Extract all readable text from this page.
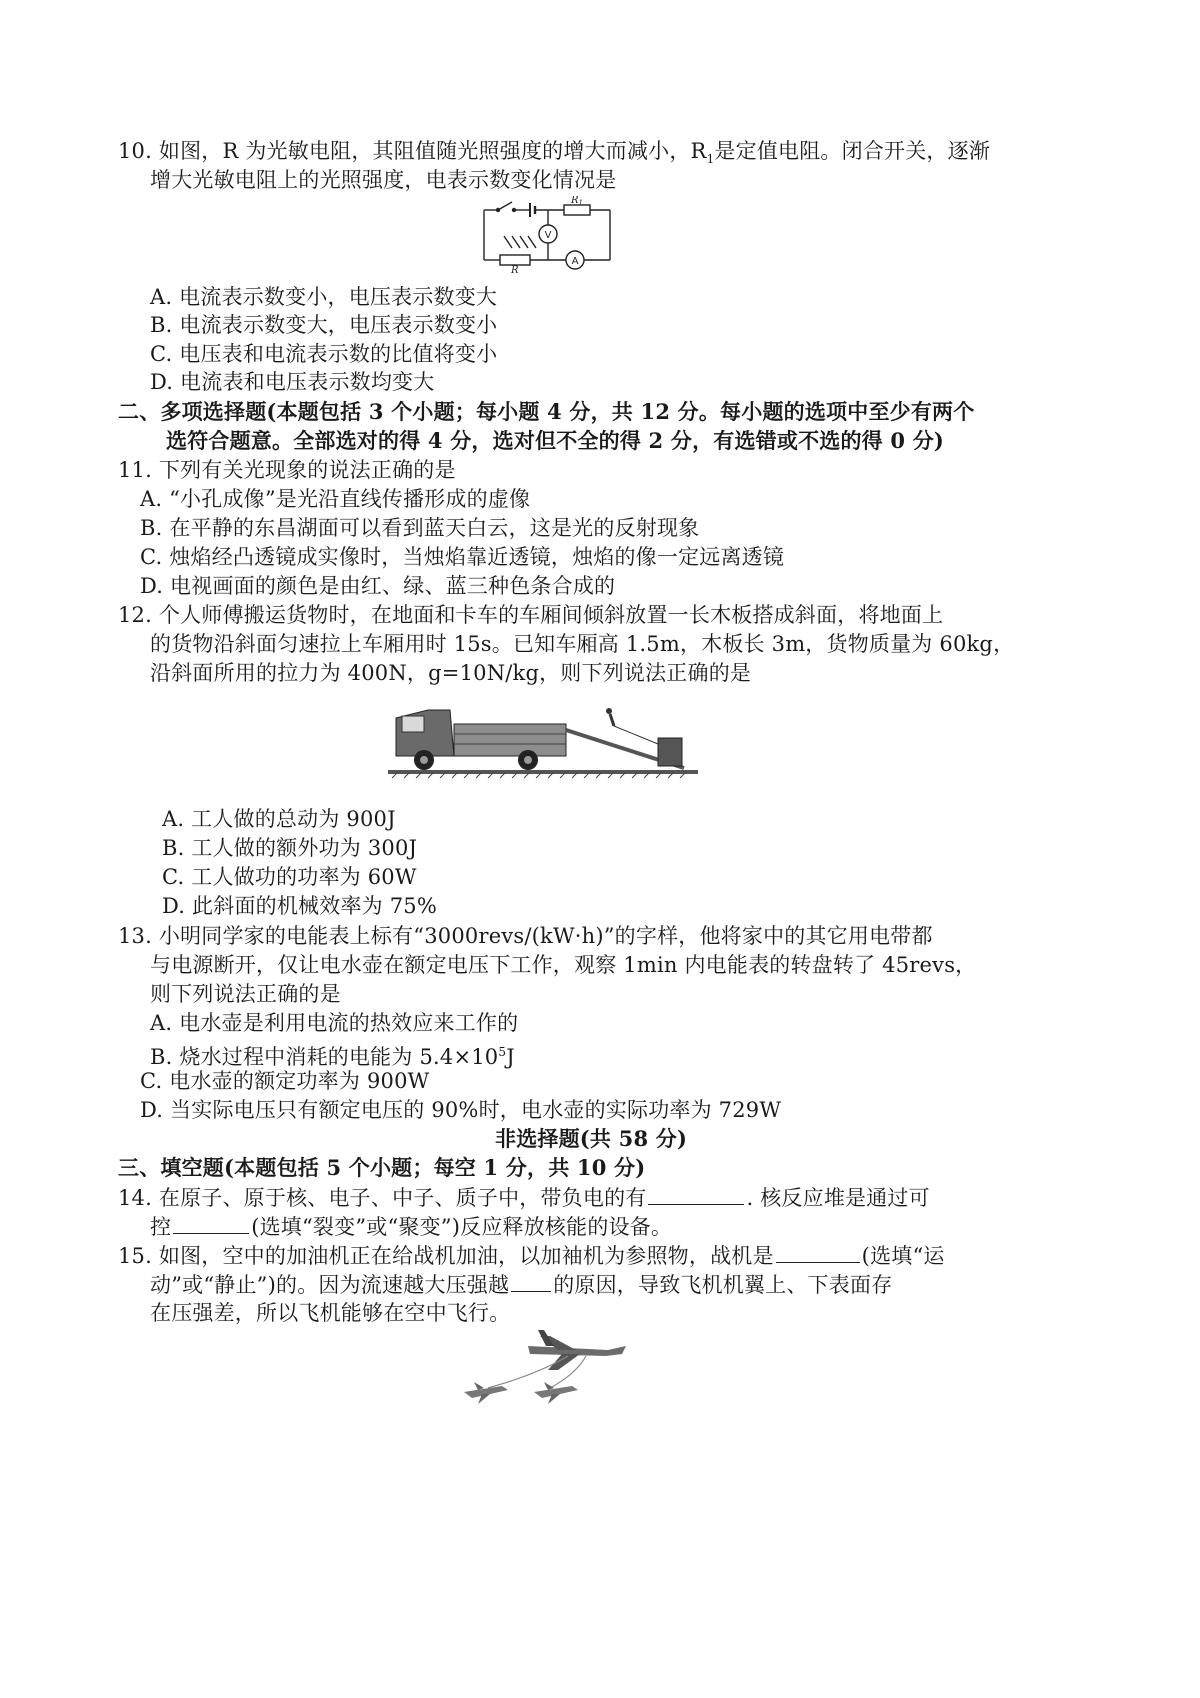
10. 如图，R 为光敏电阻，其阻值随光照强度的增大而减小，$R_1$是定值电阻。闭合开关，逐渐
增大光敏电阻上的光照强度，电表示数变化情况是
$R_1$
R
V
A
A. 电流表示数变小，电压表示数变大
B. 电流表示数变大，电压表示数变小
C. 电压表和电流表示数的比值将变小
D. 电流表和电压表示数均变大
二、多项选择题(本题包括 3 个小题；每小题 4 分，共 12 分。每小题的选项中至少有两个
选符合题意。全部选对的得 4 分，选对但不全的得 2 分，有选错或不选的得 0 分)
11. 下列有关光现象的说法正确的是
A. “小孔成像”是光沿直线传播形成的虚像
B. 在平静的东昌湖面可以看到蓝天白云，这是光的反射现象
C. 烛焰经凸透镜成实像时，当烛焰靠近透镜，烛焰的像一定远离透镜
D. 电视画面的颜色是由红、绿、蓝三种色条合成的
12. 个人师傅搬运货物时，在地面和卡车的车厢间倾斜放置一长木板搭成斜面，将地面上
的货物沿斜面匀速拉上车厢用时 15s。已知车厢高 1.5m，木板长 3m，货物质量为 60kg，
沿斜面所用的拉力为 400N，g=10N/kg，则下列说法正确的是
A. 工人做的总动为 900J
B. 工人做的额外功为 300J
C. 工人做功的功率为 60W
D. 此斜面的机械效率为 75%
13. 小明同学家的电能表上标有“3000revs/(kW·h)”的字样，他将家中的其它用电带都
与电源断开，仅让电水壶在额定电压下工作，观察 1min 内电能表的转盘转了 45revs，
则下列说法正确的是
A. 电水壶是利用电流的热效应来工作的
B. 烧水过程中消耗的电能为 $5.4\times 10^5J$
C. 电水壶的额定功率为 900W
D. 当实际电压只有额定电压的 90%时，电水壶的实际功率为 729W
非选择题(共 58 分)
三、填空题(本题包括 5 个小题；每空 1 分，共 10 分)
14. 在原子、原于核、电子、中子、质子中，带负电的有	. 核反应堆是通过可
控	(选填“裂变”或“聚变”)反应释放核能的设备。
15. 如图，空中的加油机正在给战机加油，以加袖机为参照物，战机是	(选填“运
动”或“静止”)的。因为流速越大压强越 的原因，导致飞机机翼上、下表面存
在压强差，所以飞机能够在空中飞行。
